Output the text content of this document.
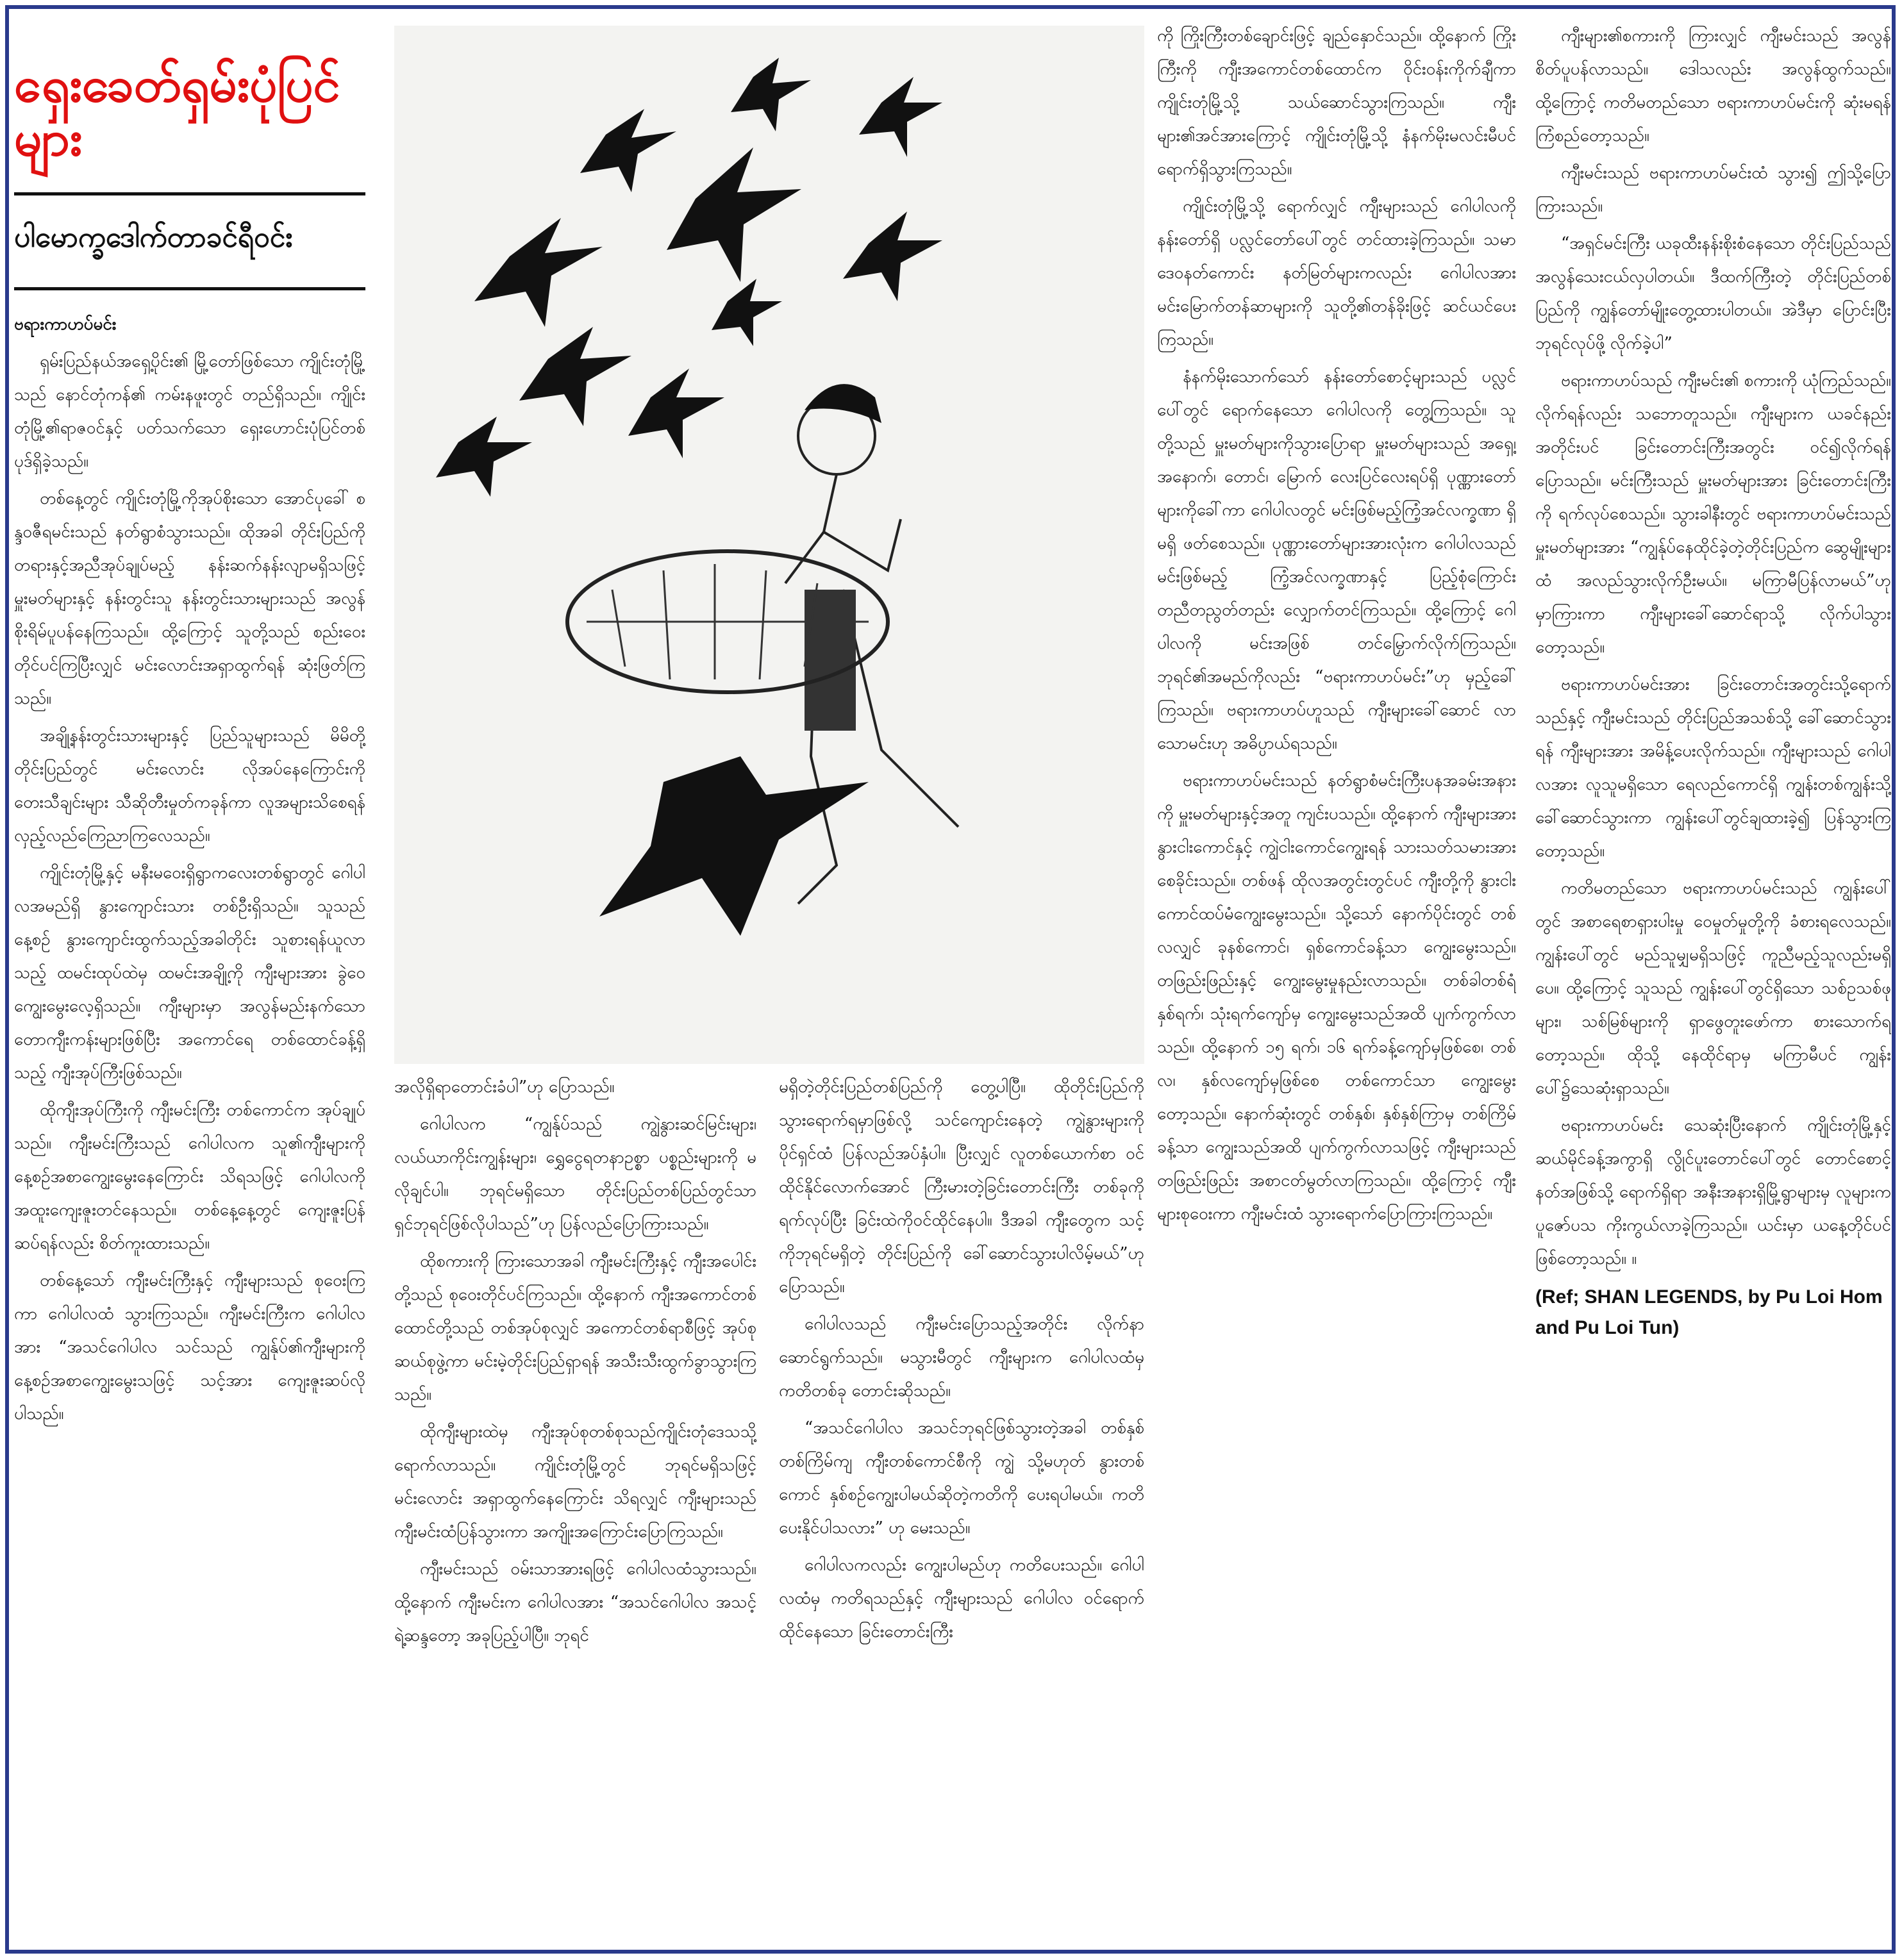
ရှေးခေတ်ရှမ်းပုံပြင်များ
ပါမောက္ခဒေါက်တာခင်ရီဝင်း

ဗရားကာဟပ်မင်း

ရှမ်းပြည်နယ်အရှေ့ပိုင်း၏ မြို့တော်ဖြစ်သော ကျိုင်းတုံမြို့သည် နောင်တုံကန်၏ ကမ်းနဖူးတွင် တည်ရှိသည်။ ကျိုင်းတုံမြို့၏ရာဇဝင်နှင့် ပတ်သက်သော ရှေးဟောင်းပုံပြင်တစ်ပုဒ်ရှိခဲ့သည်။

တစ်နေ့တွင် ကျိုင်းတုံမြို့ကိုအုပ်စိုးသော အောင်ပုခေါ် စန္ဒဝဇီရမင်းသည် နတ်ရွာစံသွားသည်။ ထိုအခါ တိုင်းပြည်ကို တရားနှင့်အညီအုပ်ချုပ်မည့် နန်းဆက်နန်းလျာမရှိသဖြင့် မှူးမတ်များနှင့် နန်းတွင်းသူ နန်းတွင်းသားများသည် အလွန်စိုးရိမ်ပူပန်နေကြသည်။ ထို့ကြောင့် သူတို့သည် စည်းဝေးတိုင်ပင်ကြပြီးလျှင် မင်းလောင်းအရှာထွက်ရန် ဆုံးဖြတ်ကြသည်။

အချို့နန်းတွင်းသားများနှင့် ပြည်သူများသည် မိမိတို့တိုင်းပြည်တွင် မင်းလောင်း လိုအပ်နေကြောင်းကို တေးသီချင်းများ သီဆိုတီးမှုတ်ကခုန်ကာ လူအများသိစေရန် လှည့်လည်ကြေညာကြလေသည်။

ကျိုင်းတုံမြို့နှင့် မနီးမဝေးရှိရွာကလေးတစ်ရွာတွင် ဂေါပါလအမည်ရှိ နွားကျောင်းသား တစ်ဦးရှိသည်။ သူသည် နေ့စဉ် နွားကျောင်းထွက်သည့်အခါတိုင်း သူစားရန်ယူလာသည့် ထမင်းထုပ်ထဲမှ ထမင်းအချို့ကို ကျီးများအား ခွဲဝေကျွေးမွေးလေ့ရှိသည်။ ကျီးများမှာ အလွန်မည်းနက်သော တောကျီးကန်းများဖြစ်ပြီး အကောင်ရေ တစ်ထောင်ခန့်ရှိသည့် ကျီးအုပ်ကြီးဖြစ်သည်။

ထိုကျီးအုပ်ကြီးကို ကျီးမင်းကြီး တစ်ကောင်က အုပ်ချုပ်သည်။ ကျီးမင်းကြီးသည် ဂေါပါလက သူ၏ကျီးများကို နေ့စဉ်အစာကျွေးမွေးနေကြောင်း သိရသဖြင့် ဂေါပါလကို အထူးကျေးဇူးတင်နေသည်။ တစ်နေ့နေ့တွင် ကျေးဇူးပြန်ဆပ်ရန်လည်း စိတ်ကူးထားသည်။

တစ်နေ့သော် ကျီးမင်းကြီးနှင့် ကျီးများသည် စုဝေးကြကာ ဂေါပါလထံ သွားကြသည်။ ကျီးမင်းကြီးက ဂေါပါလအား “အသင်ဂေါပါလ သင်သည် ကျွန်ုပ်၏ကျီးများကို နေ့စဉ်အစာကျွေးမွေးသဖြင့် သင့်အား ကျေးဇူးဆပ်လိုပါသည်။

အလိုရှိရာတောင်းခံပါ”ဟု ပြောသည်။

ဂေါပါလက “ကျွန်ုပ်သည် ကျွဲနွားဆင်မြင်းများ၊ လယ်ယာကိုင်းကျွန်းများ၊ ရွှေငွေရတနာဥစ္စာ ပစ္စည်းများကို မလိုချင်ပါ။ ဘုရင်မရှိသော တိုင်းပြည်တစ်ပြည်တွင်သာ ရှင်ဘုရင်ဖြစ်လိုပါသည်”ဟု ပြန်လည်ပြောကြားသည်။

ထိုစကားကို ကြားသောအခါ ကျီးမင်းကြီးနှင့် ကျီးအပေါင်းတို့သည် စုဝေးတိုင်ပင်ကြသည်။ ထို့နောက် ကျီးအကောင်တစ်ထောင်တို့သည် တစ်အုပ်စုလျှင် အကောင်တစ်ရာစီဖြင့် အုပ်စုဆယ်စုဖွဲ့ကာ မင်းမဲ့တိုင်းပြည်ရှာရန် အသီးသီးထွက်ခွာသွားကြသည်။

ထိုကျီးများထဲမှ ကျီးအုပ်စုတစ်စုသည်ကျိုင်းတုံဒေသသို့ရောက်လာသည်။ ကျိုင်းတုံမြို့တွင် ဘုရင်မရှိသဖြင့် မင်းလောင်း အရှာထွက်နေကြောင်း သိရလျှင် ကျီးများသည် ကျီးမင်းထံပြန်သွားကာ အကျိုးအကြောင်းပြောကြသည်။

ကျီးမင်းသည် ဝမ်းသာအားရဖြင့် ဂေါပါလထံသွားသည်။ ထို့နောက် ကျီးမင်းက ဂေါပါလအား “အသင်ဂေါပါလ အသင့်ရဲ့ဆန္ဒတော့ အခုပြည့်ပါပြီ။ ဘုရင်

မရှိတဲ့တိုင်းပြည်တစ်ပြည်ကို တွေ့ပါပြီ။ ထိုတိုင်းပြည်ကို သွားရောက်ရမှာဖြစ်လို့ သင်ကျောင်းနေတဲ့ ကျွဲနွားများကို ပိုင်ရှင်ထံ ပြန်လည်အပ်နှံပါ။ ပြီးလျှင် လူတစ်ယောက်စာ ဝင်ထိုင်နိုင်လောက်အောင် ကြီးမားတဲ့ခြင်းတောင်းကြီး တစ်ခုကို ရက်လုပ်ပြီး ခြင်းထဲကိုဝင်ထိုင်နေပါ။ ဒီအခါ ကျီးတွေက သင့်ကိုဘုရင်မရှိတဲ့ တိုင်းပြည်ကို ခေါ်ဆောင်သွားပါလိမ့်မယ်”ဟုပြောသည်။

ဂေါပါလသည် ကျီးမင်းပြောသည့်အတိုင်း လိုက်နာဆောင်ရွက်သည်။ မသွားမီတွင် ကျီးများက ဂေါပါလထံမှ ကတိတစ်ခု တောင်းဆိုသည်။

“အသင်ဂေါပါလ အသင်ဘုရင်ဖြစ်သွားတဲ့အခါ တစ်နှစ်တစ်ကြိမ်ကျ ကျီးတစ်ကောင်စီကို ကျွဲ သို့မဟုတ် နွားတစ်ကောင် နှစ်စဉ်ကျွေးပါမယ်ဆိုတဲ့ကတိကို ပေးရပါမယ်။ ကတိပေးနိုင်ပါသလား” ဟု မေးသည်။

ဂေါပါလကလည်း ကျွေးပါမည်ဟု ကတိပေးသည်။ ဂေါပါလထံမှ ကတိရသည်နှင့် ကျီးများသည် ဂေါပါလ ဝင်ရောက်ထိုင်နေသော ခြင်းတောင်းကြီး

ကို ကြိုးကြီးတစ်ချောင်းဖြင့် ချည်နှောင်သည်။ ထို့နောက် ကြိုးကြီးကို ကျီးအကောင်တစ်ထောင်က ဝိုင်းဝန်းကိုက်ချီကာ ကျိုင်းတုံမြို့သို့ သယ်ဆောင်သွားကြသည်။ ကျီးများ၏အင်အားကြောင့် ကျိုင်းတုံမြို့သို့ နံနက်မိုးမလင်းမီပင် ရောက်ရှိသွားကြသည်။

ကျိုင်းတုံမြို့သို့ ရောက်လျှင် ကျီးများသည် ဂေါပါလကို နန်းတော်ရှိ ပလ္လင်တော်ပေါ်တွင် တင်ထားခဲ့ကြသည်။ သမာဒေဝနတ်ကောင်း နတ်မြတ်များကလည်း ဂေါပါလအား မင်းမြောက်တန်ဆာများကို သူတို့၏တန်ခိုးဖြင့် ဆင်ယင်ပေးကြသည်။

နံနက်မိုးသောက်သော် နန်းတော်စောင့်များသည် ပလ္လင်ပေါ်တွင် ရောက်နေသော ဂေါပါလကို တွေ့ကြသည်။ သူတို့သည် မှူးမတ်များကိုသွားပြောရာ မှူးမတ်များသည် အရှေ့၊ အနောက်၊ တောင်၊ မြောက် လေးပြင်လေးရပ်ရှိ ပုဏ္ဏားတော်များကိုခေါ်ကာ ဂေါပါလတွင် မင်းဖြစ်မည့်ကြံ့အင်လက္ခဏာ ရှိ မရှိ ဖတ်စေသည်။ ပုဏ္ဏားတော်များအားလုံးက ဂေါပါလသည် မင်းဖြစ်မည့် ကြံ့အင်လက္ခဏာနှင့် ပြည့်စုံကြောင်း တညီတညွတ်တည်း လျှောက်တင်ကြသည်။ ထို့ကြောင့် ဂေါပါလကို မင်းအဖြစ် တင်မြှောက်လိုက်ကြသည်။ ဘုရင်၏အမည်ကိုလည်း “ဗရားကာဟပ်မင်း”ဟု မှည့်ခေါ်ကြသည်။ ဗရားကာဟပ်ဟူသည် ကျီးများခေါ်ဆောင် လာသောမင်းဟု အဓိပ္ပာယ်ရသည်။

ဗရားကာဟပ်မင်းသည် နတ်ရွာစံမင်းကြီးပနအခမ်းအနားကို မှူးမတ်များနှင့်အတူ ကျင်းပသည်။ ထို့နောက် ကျီးများအား နွားငါးကောင်နှင့် ကျွဲငါးကောင်ကျွေးရန် သားသတ်သမားအား စေခိုင်းသည်။ တစ်ဖန် ထိုလအတွင်းတွင်ပင် ကျီးတို့ကို နွားငါးကောင်ထပ်မံကျွေးမွေးသည်။ သို့သော် နောက်ပိုင်းတွင် တစ်လလျှင် ခုနစ်ကောင်၊ ရှစ်ကောင်ခန့်သာ ကျွေးမွေးသည်။ တဖြည်းဖြည်းနှင့် ကျွေးမွေးမှုနည်းလာသည်။ တစ်ခါတစ်ရံ နှစ်ရက်၊ သုံးရက်ကျော်မှ ကျွေးမွေးသည်အထိ ပျက်ကွက်လာသည်။ ထို့နောက် ၁၅ ရက်၊ ၁၆ ရက်ခန့်ကျော်မှဖြစ်စေ၊ တစ်လ၊ နှစ်လကျော်မှဖြစ်စေ တစ်ကောင်သာ ကျွေးမွေးတော့သည်။ နောက်ဆုံးတွင် တစ်နှစ်၊ နှစ်နှစ်ကြာမှ တစ်ကြိမ်ခန့်သာ ကျွေးသည်အထိ ပျက်ကွက်လာသဖြင့် ကျီးများသည် တဖြည်းဖြည်း အစာငတ်မွတ်လာကြသည်။ ထို့ကြောင့် ကျီးများစုဝေးကာ ကျီးမင်းထံ သွားရောက်ပြောကြားကြသည်။

ကျီးများ၏စကားကို ကြားလျှင် ကျီးမင်းသည် အလွန်စိတ်ပူပန်လာသည်။ ဒေါသလည်း အလွန်ထွက်သည်။ ထို့ကြောင့် ကတိမတည်သော ဗရားကာဟပ်မင်းကို ဆုံးမရန်ကြံစည်တော့သည်။

ကျီးမင်းသည် ဗရားကာဟပ်မင်းထံ သွား၍ ဤသို့ပြောကြားသည်။

“အရှင်မင်းကြီး ယခုထီးနန်းစိုးစံနေသော တိုင်းပြည်သည် အလွန်သေးငယ်လှပါတယ်။ ဒီထက်ကြီးတဲ့ တိုင်းပြည်တစ်ပြည်ကို ကျွန်တော်မျိုးတွေ့ထားပါတယ်။ အဲဒီမှာ ပြောင်းပြီးဘုရင်လုပ်ဖို့ လိုက်ခဲ့ပါ”

ဗရားကာဟပ်သည် ကျီးမင်း၏ စကားကို ယုံကြည်သည်။ လိုက်ရန်လည်း သဘောတူသည်။ ကျီးများက ယခင်နည်းအတိုင်းပင် ခြင်းတောင်းကြီးအတွင်း ဝင်၍လိုက်ရန်ပြောသည်။ မင်းကြီးသည် မှူးမတ်များအား ခြင်းတောင်းကြီးကို ရက်လုပ်စေသည်။ သွားခါနီးတွင် ဗရားကာဟပ်မင်းသည် မှူးမတ်များအား “ကျွန်ုပ်နေထိုင်ခဲ့တဲ့တိုင်းပြည်က ဆွေမျိုးများထံ အလည်သွားလိုက်ဦးမယ်။ မကြာမီပြန်လာမယ်”ဟု မှာကြားကာ ကျီးများခေါ်ဆောင်ရာသို့ လိုက်ပါသွားတော့သည်။

ဗရားကာဟပ်မင်းအား ခြင်းတောင်းအတွင်းသို့ရောက်သည်နှင့် ကျီးမင်းသည် တိုင်းပြည်အသစ်သို့ ခေါ်ဆောင်သွားရန် ကျီးများအား အမိန့်ပေးလိုက်သည်။ ကျီးများသည် ဂေါပါလအား လူသူမရှိသော ရေလည်ကောင်ရှိ ကျွန်းတစ်ကျွန်းသို့ ခေါ်ဆောင်သွားကာ ကျွန်းပေါ်တွင်ချထားခဲ့၍ ပြန်သွားကြတော့သည်။

ကတိမတည်သော ဗရားကာဟပ်မင်းသည် ကျွန်းပေါ်တွင် အစာရေစာရှားပါးမှု ဝေမှုတ်မှုတို့ကို ခံစားရလေသည်။ ကျွန်းပေါ်တွင် မည်သူမျှမရှိသဖြင့် ကူညီမည့်သူလည်းမရှိပေ။ ထို့ကြောင့် သူသည် ကျွန်းပေါ်တွင်ရှိသော သစ်ဥသစ်ဖုများ၊ သစ်မြစ်များကို ရှာဖွေတူးဖော်ကာ စားသောက်ရတော့သည်။ ထိုသို့ နေထိုင်ရာမှ မကြာမီပင် ကျွန်းပေါ်၌သေဆုံးရှာသည်။

ဗရားကာဟပ်မင်း သေဆုံးပြီးနောက် ကျိုင်းတုံမြို့နှင့် ဆယ်မိုင်ခန့်အကွာရှိ လွိုင်ပူးတောင်ပေါ်တွင် တောင်စောင့်နတ်အဖြစ်သို့ ရောက်ရှိရာ အနီးအနားရှိမြို့ရွာများမှ လူများက ပူဇော်ပသ ကိုးကွယ်လာခဲ့ကြသည်။ ယင်းမှာ ယနေ့တိုင်ပင်ဖြစ်တော့သည်။ ။

(Ref; SHAN LEGENDS, by Pu Loi Hom and Pu Loi Tun)
